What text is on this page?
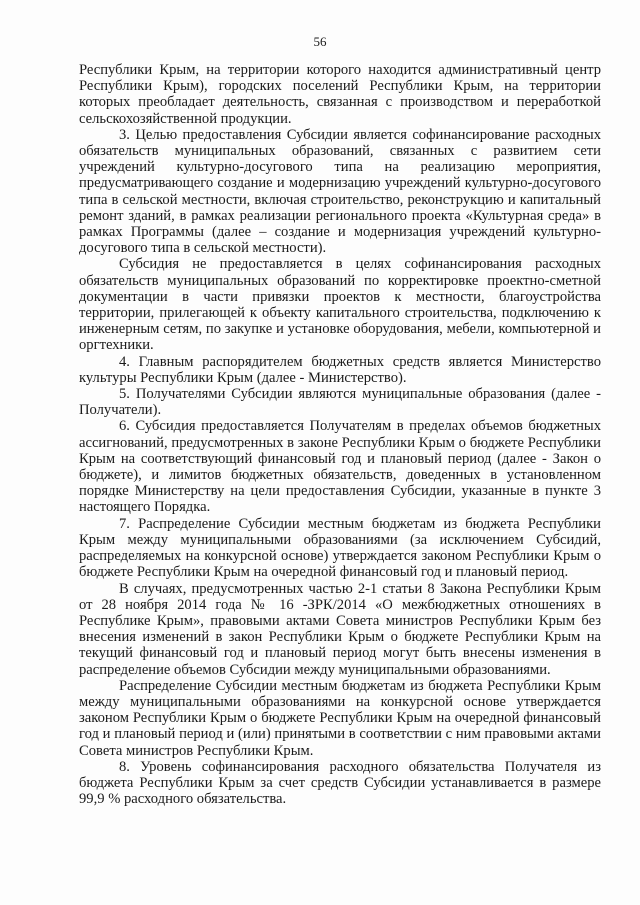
56

Республики Крым, на территории которого находится административный центр Республики Крым), городских поселений Республики Крым, на территории которых преобладает деятельность, связанная с производством и переработкой сельскохозяйственной продукции.

3. Целью предоставления Субсидии является софинансирование расходных обязательств муниципальных образований, связанных с развитием сети учреждений культурно-досугового типа на реализацию мероприятия, предусматривающего создание и модернизацию учреждений культурно-досугового типа в сельской местности, включая строительство, реконструкцию и капитальный ремонт зданий, в рамках реализации регионального проекта «Культурная среда» в рамках Программы (далее – создание и модернизация учреждений культурно-досугового типа в сельской местности).

Субсидия не предоставляется в целях софинансирования расходных обязательств муниципальных образований по корректировке проектно-сметной документации в части привязки проектов к местности, благоустройства территории, прилегающей к объекту капитального строительства, подключению к инженерным сетям, по закупке и установке оборудования, мебели, компьютерной и оргтехники.

4. Главным распорядителем бюджетных средств является Министерство культуры Республики Крым (далее - Министерство).

5. Получателями Субсидии являются муниципальные образования (далее - Получатели).

6. Субсидия предоставляется Получателям в пределах объемов бюджетных ассигнований, предусмотренных в законе Республики Крым о бюджете Республики Крым на соответствующий финансовый год и плановый период (далее - Закон о бюджете), и лимитов бюджетных обязательств, доведенных в установленном порядке Министерству на цели предоставления Субсидии, указанные в пункте 3 настоящего Порядка.

7. Распределение Субсидии местным бюджетам из бюджета Республики Крым между муниципальными образованиями (за исключением Субсидий, распределяемых на конкурсной основе) утверждается законом Республики Крым о бюджете Республики Крым на очередной финансовый год и плановый период.

В случаях, предусмотренных частью 2-1 статьи 8 Закона Республики Крым от 28 ноября 2014 года № 16 -ЗРК/2014 «О межбюджетных отношениях в Республике Крым», правовыми актами Совета министров Республики Крым без внесения изменений в закон Республики Крым о бюджете Республики Крым на текущий финансовый год и плановый период могут быть внесены изменения в распределение объемов Субсидии между муниципальными образованиями.

Распределение Субсидии местным бюджетам из бюджета Республики Крым между муниципальными образованиями на конкурсной основе утверждается законом Республики Крым о бюджете Республики Крым на очередной финансовый год и плановый период и (или) принятыми в соответствии с ним правовыми актами Совета министров Республики Крым.

8. Уровень софинансирования расходного обязательства Получателя из бюджета Республики Крым за счет средств Субсидии устанавливается в размере 99,9 % расходного обязательства.
